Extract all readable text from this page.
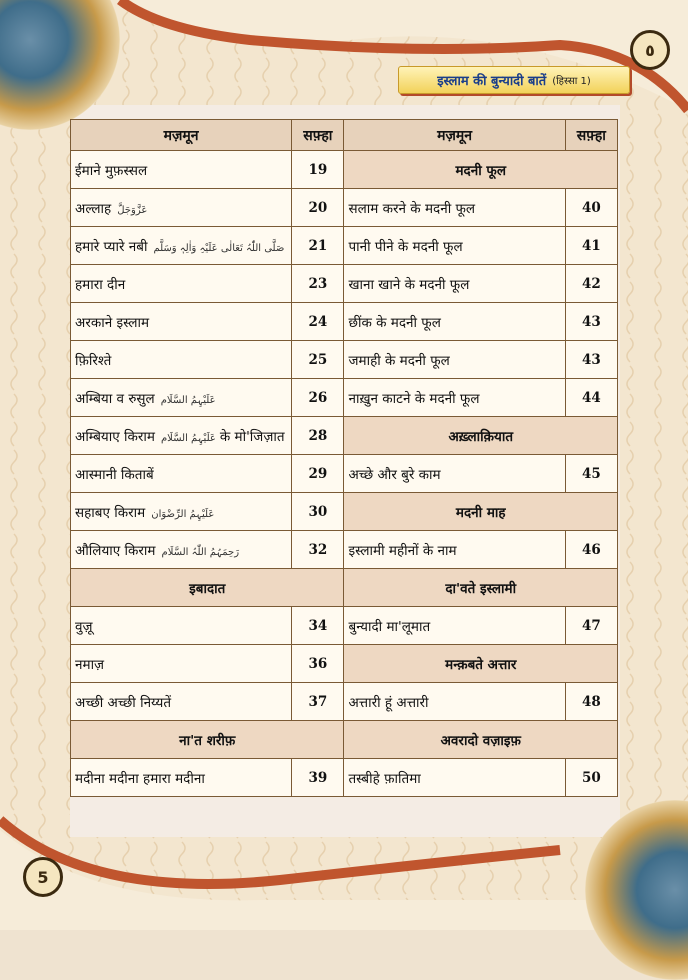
٥
इस्लाम की बुन्यादी बातें (हिस्सा 1)
5
मज़मून	सफ़्हा	मज़मून	सफ़्हा
ईमाने मुफ़स्सल	19	मदनी फूल	
अल्लाह عَزَّوَجَلَّ	20	सलाम करने के मदनी फूल	40
हमारे प्यारे नबी صَلَّی اللّٰہُ تَعَالٰی عَلَیْہِ وَاٰلِہٖ وَسَلَّم	21	पानी पीने के मदनी फूल	41
हमारा दीन	23	खाना खाने के मदनी फूल	42
अरकाने इस्लाम	24	छींक के मदनी फूल	43
फ़िरिश्ते	25	जमाही के मदनी फूल	43
अम्बिया व रुसुल عَلَیْہِمُ السَّلَام	26	नाख़ुन काटने के मदनी फूल	44
अम्बियाए किराम عَلَیْہِمُ السَّلَام के मो'जिज़ात	28	अख़्लाक़ियात	
आस्मानी किताबें	29	अच्छे और बुरे काम	45
सहाबए किराम عَلَیْہِمُ الرِّضْوَان	30	मदनी माह	
औलियाए किराम رَحِمَہُمُ اللّٰہُ السَّلَام	32	इस्लामी महीनों के नाम	46
इबादात		दा'वते इस्लामी	
वुज़ू	34	बुन्यादी मा'लूमात	47
नमाज़	36	मन्क़बते अत्तार	
अच्छी अच्छी निय्यतें	37	अत्तारी हूं अत्तारी	48
ना'त शरीफ़		अवरादो वज़ाइफ़	
मदीना मदीना हमारा मदीना	39	तस्बीहे फ़ातिमा	50
